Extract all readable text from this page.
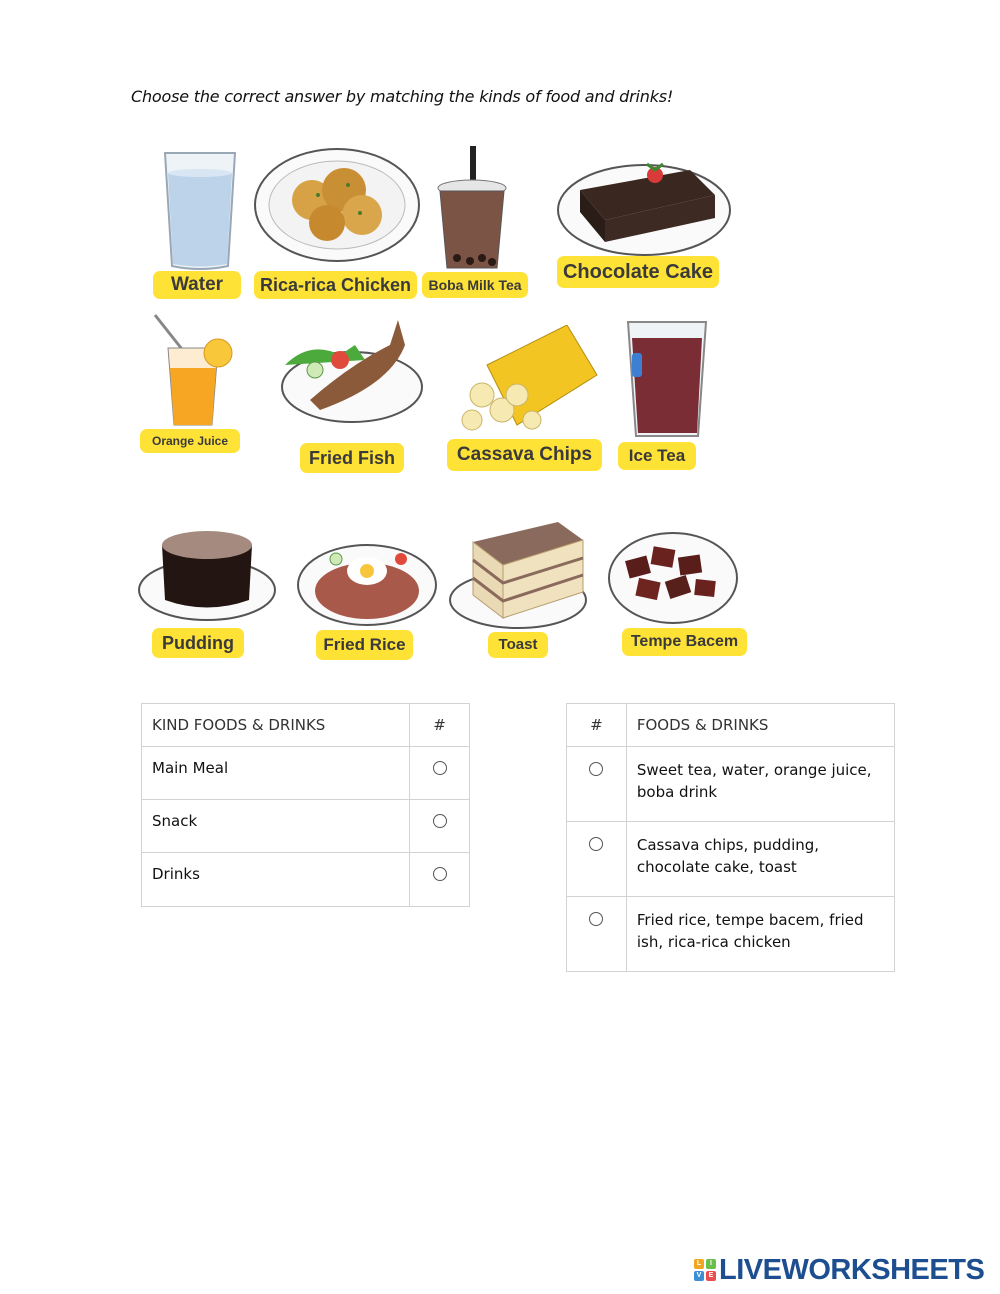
Choose the correct answer by matching the kinds of food and drinks!
Water	Rica-rica Chicken	Boba Milk Tea
Chocolate Cake
Orange Juice
Fried Fish	Cassava Chips	Ice Tea
Pudding	Fried Rice	Toast	Tempe Bacem
KIND FOODS & DRINKS	#
Main Meal	
Snack	
Drinks	
#	FOODS & DRINKS
	Sweet tea, water, orange juice, boba drink
	Cassava chips, pudding, chocolate cake, toast
	Fried rice, tempe bacem, fried ish, rica-rica chicken
L	I
V	E LIVEWORKSHEETS
